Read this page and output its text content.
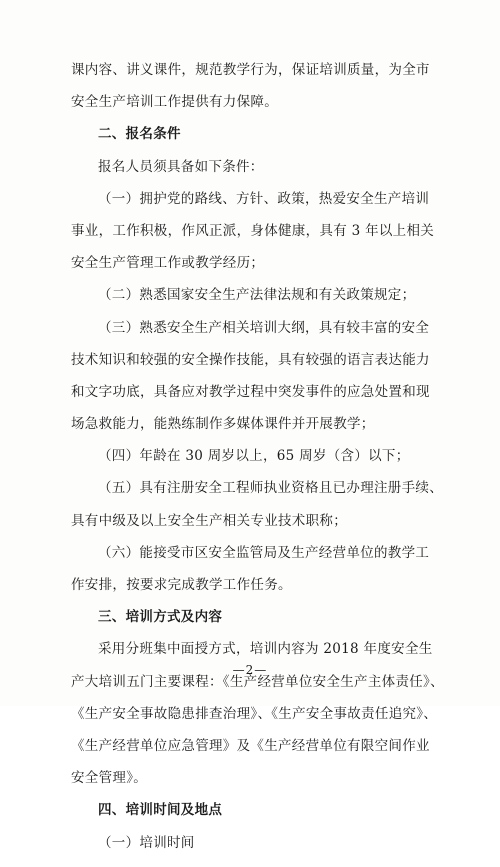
课内容、讲义课件，规范教学行为，保证培训质量，为全市
安全生产培训工作提供有力保障。
二、报名条件
报名人员须具备如下条件：
（一）拥护党的路线、方针、政策，热爱安全生产培训
事业，工作积极，作风正派，身体健康，具有 3 年以上相关
安全生产管理工作或教学经历；
（二）熟悉国家安全生产法律法规和有关政策规定；
（三）熟悉安全生产相关培训大纲，具有较丰富的安全
技术知识和较强的安全操作技能，具有较强的语言表达能力
和文字功底，具备应对教学过程中突发事件的应急处置和现
场急救能力，能熟练制作多媒体课件并开展教学；
（四）年龄在 30 周岁以上，65 周岁（含）以下；
（五）具有注册安全工程师执业资格且已办理注册手续、
具有中级及以上安全生产相关专业技术职称；
（六）能接受市区安全监管局及生产经营单位的教学工
作安排，按要求完成教学工作任务。
三、培训方式及内容
采用分班集中面授方式，培训内容为 2018 年度安全生
产大培训五门主要课程：《生产经营单位安全生产主体责任》、
《生产安全事故隐患排查治理》、《生产安全事故责任追究》、
《生产经营单位应急管理》及《生产经营单位有限空间作业
安全管理》。
四、培训时间及地点
（一）培训时间
—2—
